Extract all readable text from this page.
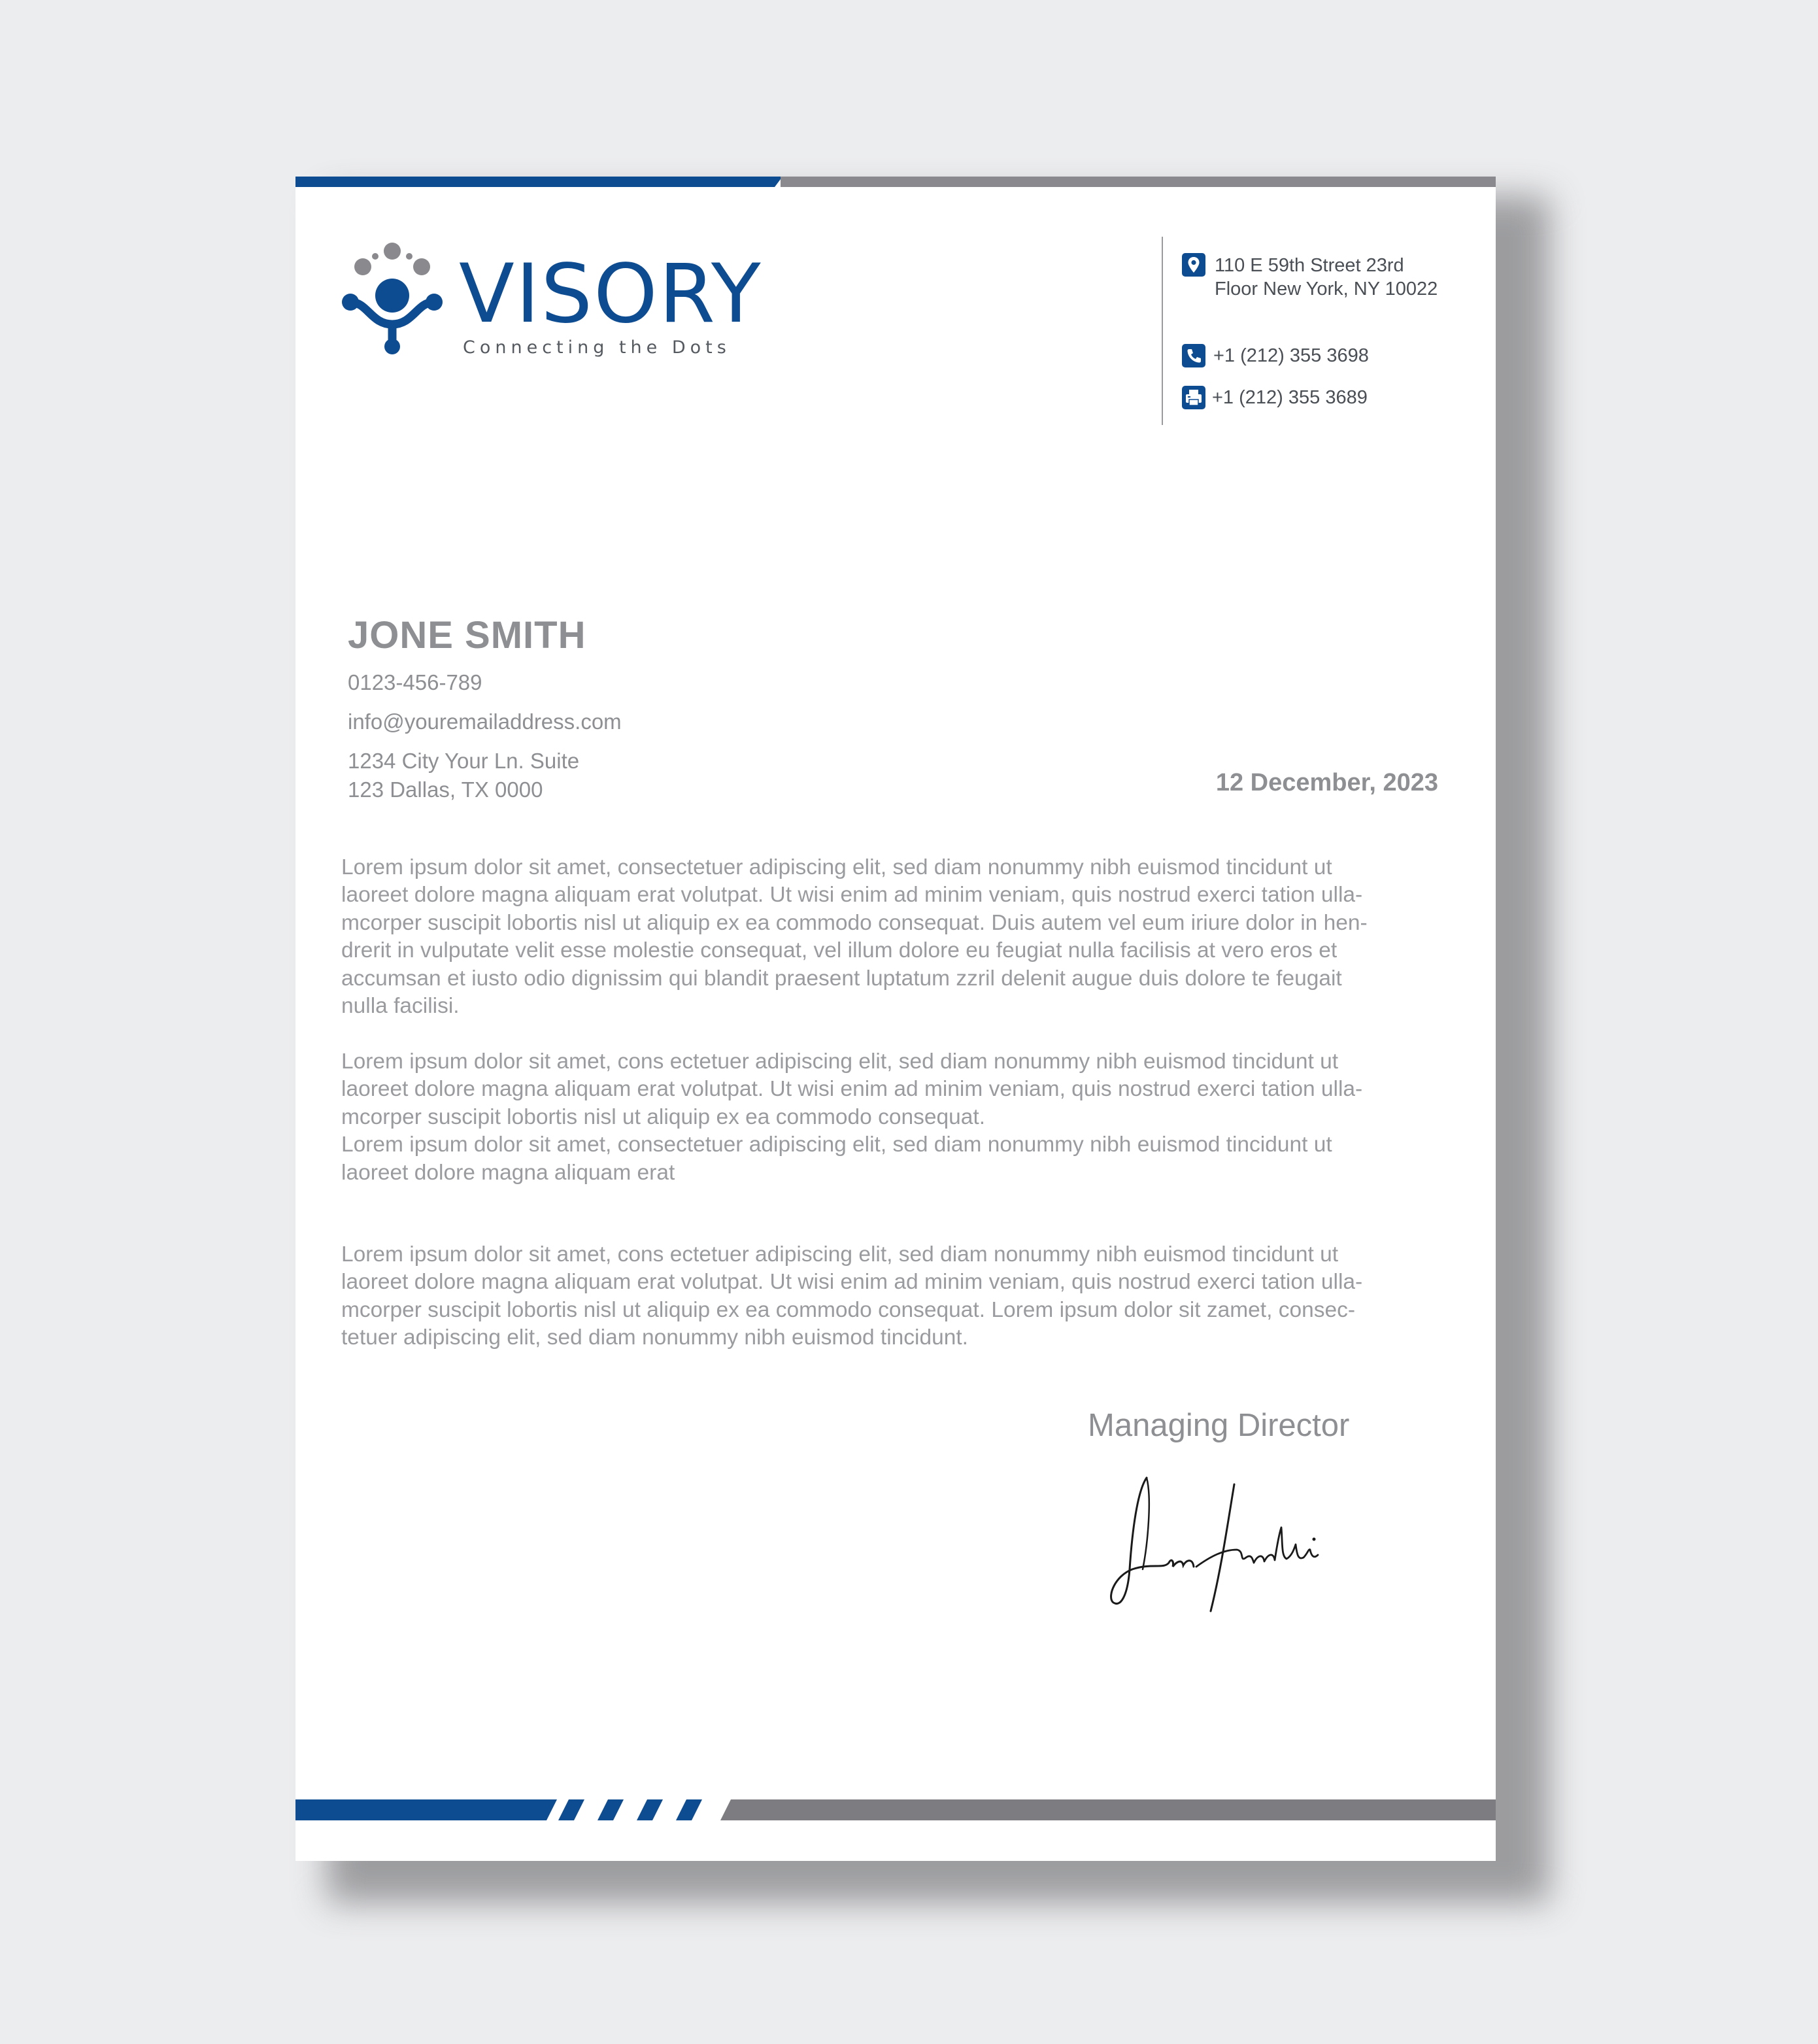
VISORY
Connecting the Dots
110 E 59th Street 23rd
Floor New York, NY 10022
+1 (212) 355 3698
+1 (212) 355 3689
JONE SMITH
0123-456-789
info@youremailaddress.com
1234 City Your Ln. Suite
123 Dallas, TX 0000	12 December, 2023

Lorem ipsum dolor sit amet, consectetuer adipiscing elit, sed diam nonummy nibh euismod tincidunt ut
laoreet dolore magna aliquam erat volutpat. Ut wisi enim ad minim veniam, quis nostrud exerci tation ulla-
mcorper suscipit lobortis nisl ut aliquip ex ea commodo consequat. Duis autem vel eum iriure dolor in hen-
drerit in vulputate velit esse molestie consequat, vel illum dolore eu feugiat nulla facilisis at vero eros et
accumsan et iusto odio dignissim qui blandit praesent luptatum zzril delenit augue duis dolore te feugait
nulla facilisi.

Lorem ipsum dolor sit amet, cons ectetuer adipiscing elit, sed diam nonummy nibh euismod tincidunt ut
laoreet dolore magna aliquam erat volutpat. Ut wisi enim ad minim veniam, quis nostrud exerci tation ulla-
mcorper suscipit lobortis nisl ut aliquip ex ea commodo consequat.
Lorem ipsum dolor sit amet, consectetuer adipiscing elit, sed diam nonummy nibh euismod tincidunt ut
laoreet dolore magna aliquam erat

Lorem ipsum dolor sit amet, cons ectetuer adipiscing elit, sed diam nonummy nibh euismod tincidunt ut
laoreet dolore magna aliquam erat volutpat. Ut wisi enim ad minim veniam, quis nostrud exerci tation ulla-
mcorper suscipit lobortis nisl ut aliquip ex ea commodo consequat. Lorem ipsum dolor sit zamet, consec-
tetuer adipiscing elit, sed diam nonummy nibh euismod tincidunt.

Managing Director
